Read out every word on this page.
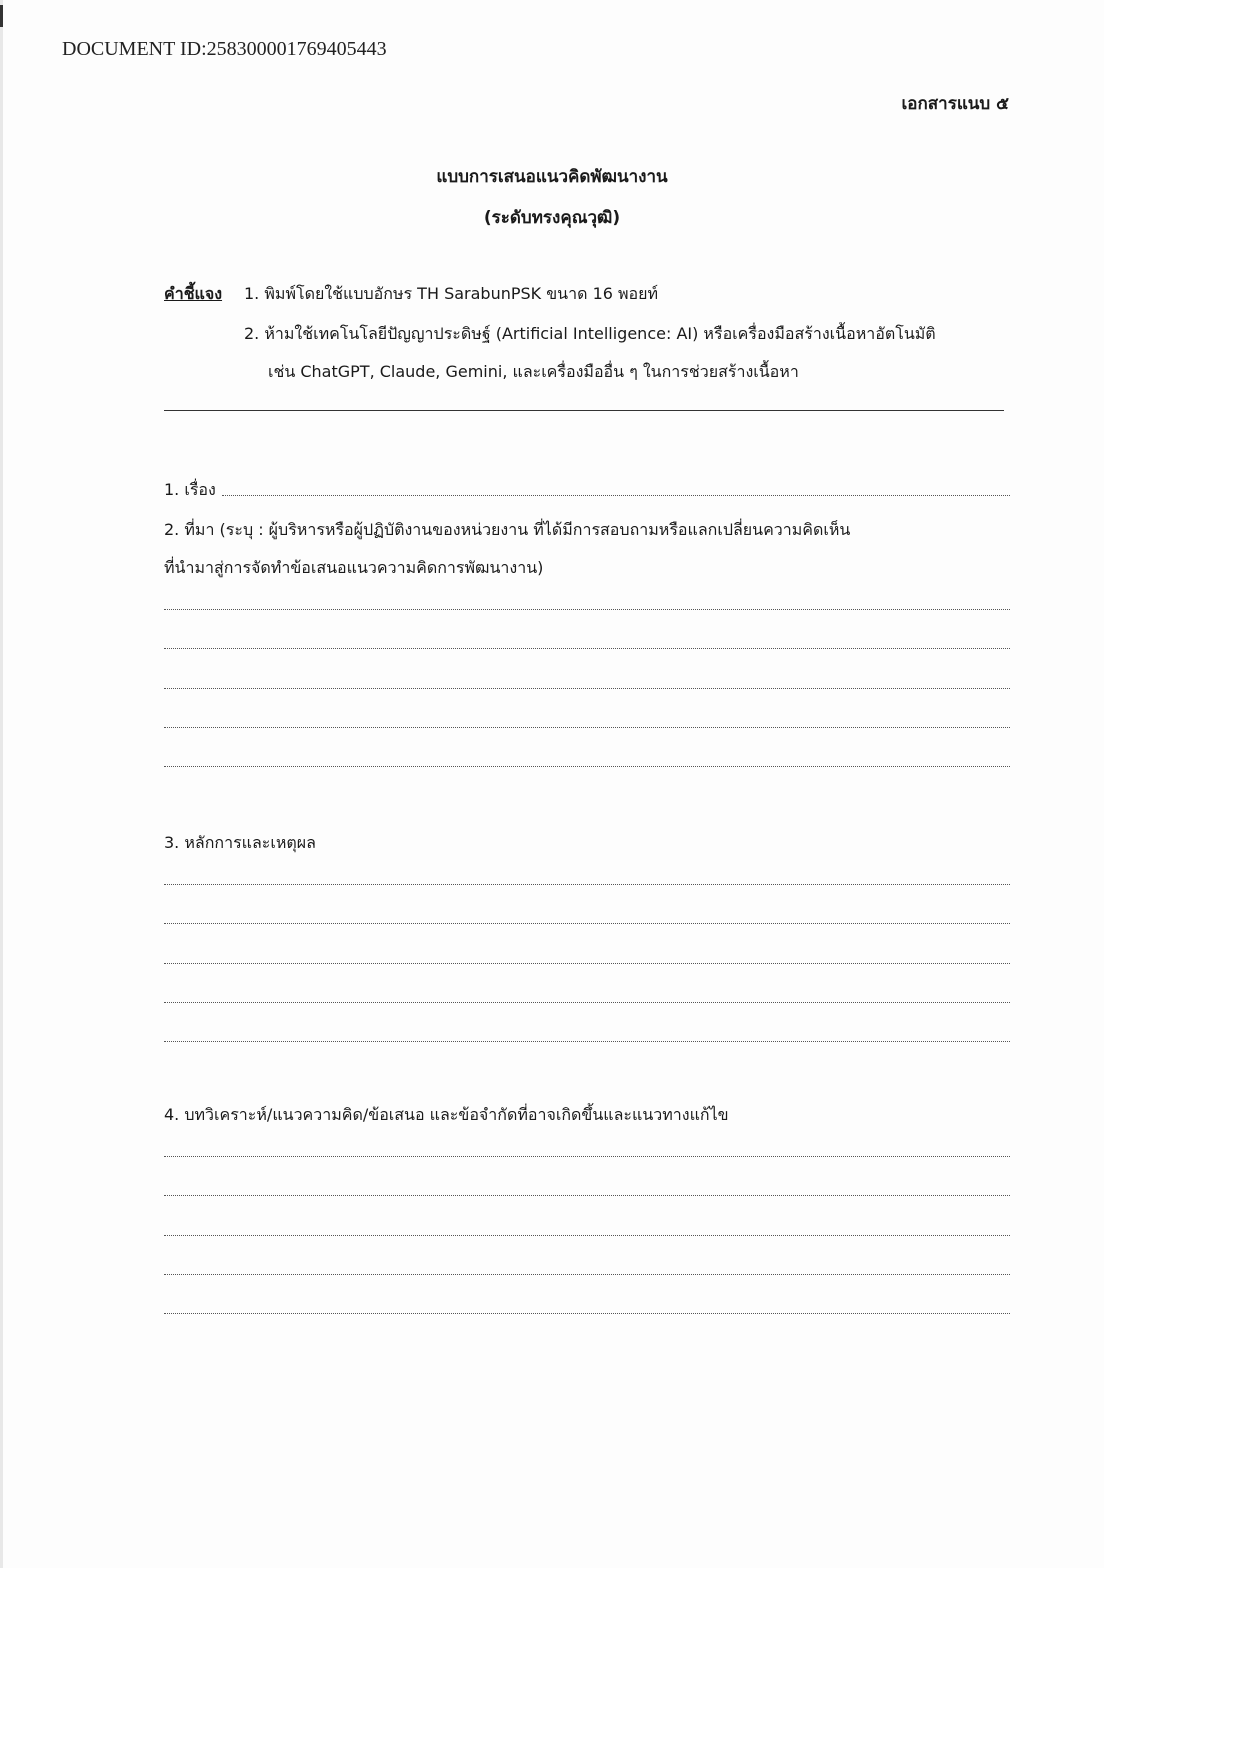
DOCUMENT ID:2583000017694054​43
เอกสารแนบ ๕
แบบการเสนอแนวคิดพัฒนางาน
(ระดับทรงคุณวุฒิ)
คำชี้แจง 1. พิมพ์โดยใช้แบบอักษร TH SarabunPSK ขนาด 16 พอยท์
2. ห้ามใช้เทคโนโลยีปัญญาประดิษฐ์ (Artificial Intelligence: AI) หรือเครื่องมือสร้างเนื้อหาอัตโนมัติ
เช่น ChatGPT, Claude, Gemini, และเครื่องมืออื่น ๆ ในการช่วยสร้างเนื้อหา
1. เรื่อง
2. ที่มา (ระบุ : ผู้บริหารหรือผู้ปฏิบัติงานของหน่วยงาน ที่ได้มีการสอบถามหรือแลกเปลี่ยนความคิดเห็น
ที่นำมาสู่การจัดทำข้อเสนอแนวความคิดการพัฒนางาน)
3. หลักการและเหตุผล
4. บทวิเคราะห์/แนวความคิด/ข้อเสนอ และข้อจำกัดที่อาจเกิดขึ้นและแนวทางแก้ไข
